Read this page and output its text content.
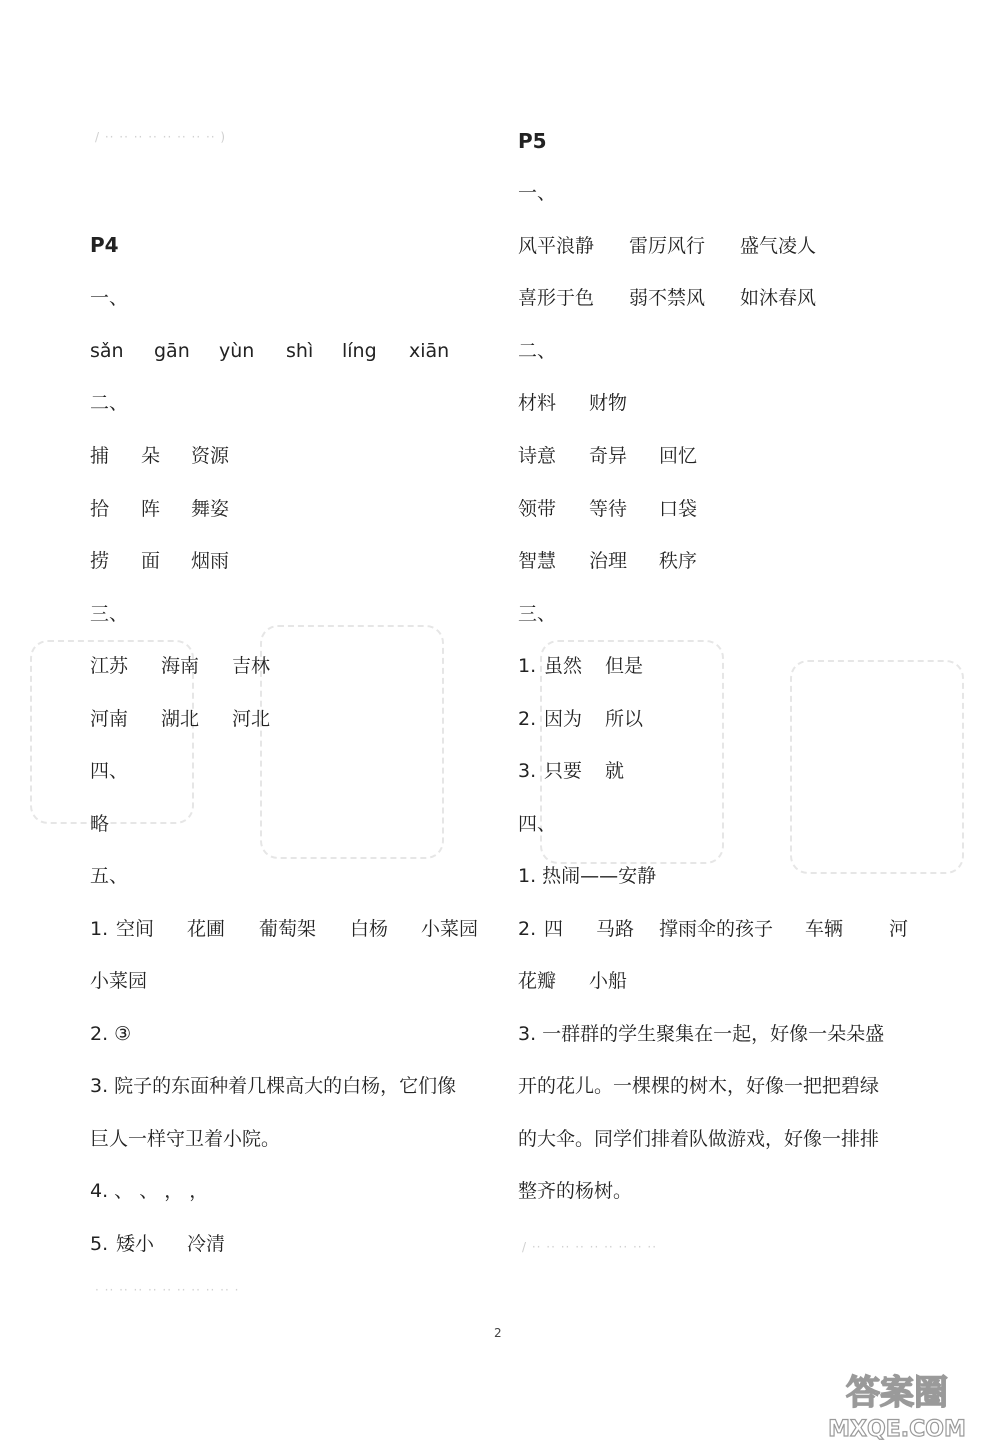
/ ·· ·· ·· ·· ·· ·· ·· ·· )
P4
一、
sǎn gān yùn shì líng xiān
二、
捕 朵 资源
拾 阵 舞姿
捞 面 烟雨
三、
江苏 海南 吉林
河南 湖北 河北
四、
略
五、
1. 空间 花圃 葡萄架 白杨 小菜园
小菜园
2. ③
3. 院子的东面种着几棵高大的白杨，它们像
巨人一样守卫着小院。
4. 、 、 ， ，
5. 矮小 冷清
· ·· ·· ·· ·· ·· ·· ·· ·· ·· ·
P5
一、
风平浪静 雷厉风行 盛气凌人
喜形于色 弱不禁风 如沐春风
二、
材料 财物
诗意 奇异 回忆
领带 等待 口袋
智慧 治理 秩序
三、
1. 虽然 但是
2. 因为 所以
3. 只要 就
四、
1. 热闹——安静
2. 四 马路 撑雨伞的孩子 车辆 河
花瓣 小船
3. 一群群的学生聚集在一起，好像一朵朵盛
开的花儿。一棵棵的树木，好像一把把碧绿
的大伞。同学们排着队做游戏，好像一排排
整齐的杨树。
/ ·· ·· ·· ·· ·· ·· ·· ·· ··
2
答案圈
MXQE.COM
